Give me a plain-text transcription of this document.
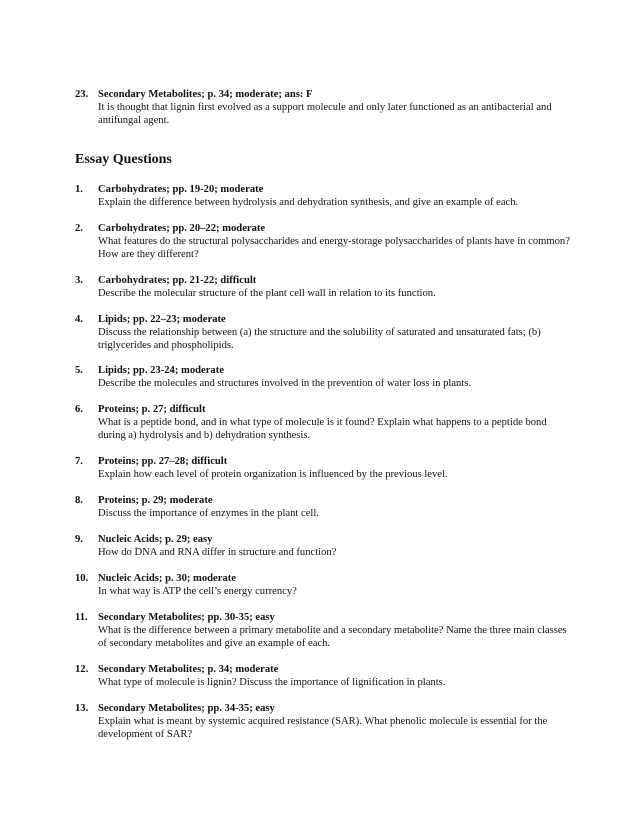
23. Secondary Metabolites; p. 34; moderate; ans: F
It is thought that lignin first evolved as a support molecule and only later functioned as an antibacterial and antifungal agent.
Essay Questions
1. Carbohydrates; pp. 19-20; moderate
Explain the difference between hydrolysis and dehydration synthesis, and give an example of each.
2. Carbohydrates; pp. 20–22; moderate
What features do the structural polysaccharides and energy-storage polysaccharides of plants have in common? How are they different?
3. Carbohydrates; pp. 21-22; difficult
Describe the molecular structure of the plant cell wall in relation to its function.
4. Lipids; pp. 22–23; moderate
Discuss the relationship between (a) the structure and the solubility of saturated and unsaturated fats; (b) triglycerides and phospholipids.
5. Lipids; pp. 23-24; moderate
Describe the molecules and structures involved in the prevention of water loss in plants.
6. Proteins; p. 27; difficult
What is a peptide bond, and in what type of molecule is it found? Explain what happens to a peptide bond during a) hydrolysis and b) dehydration synthesis.
7. Proteins; pp. 27–28; difficult
Explain how each level of protein organization is influenced by the previous level.
8. Proteins; p. 29; moderate
Discuss the importance of enzymes in the plant cell.
9. Nucleic Acids; p. 29; easy
How do DNA and RNA differ in structure and function?
10. Nucleic Acids; p. 30; moderate
In what way is ATP the cell’s energy currency?
11. Secondary Metabolites; pp. 30-35; easy
What is the difference between a primary metabolite and a secondary metabolite? Name the three main classes of secondary metabolites and give an example of each.
12. Secondary Metabolites; p. 34; moderate
What type of molecule is lignin? Discuss the importance of lignification in plants.
13. Secondary Metabolites; pp. 34-35; easy
Explain what is meant by systemic acquired resistance (SAR). What phenolic molecule is essential for the development of SAR?
